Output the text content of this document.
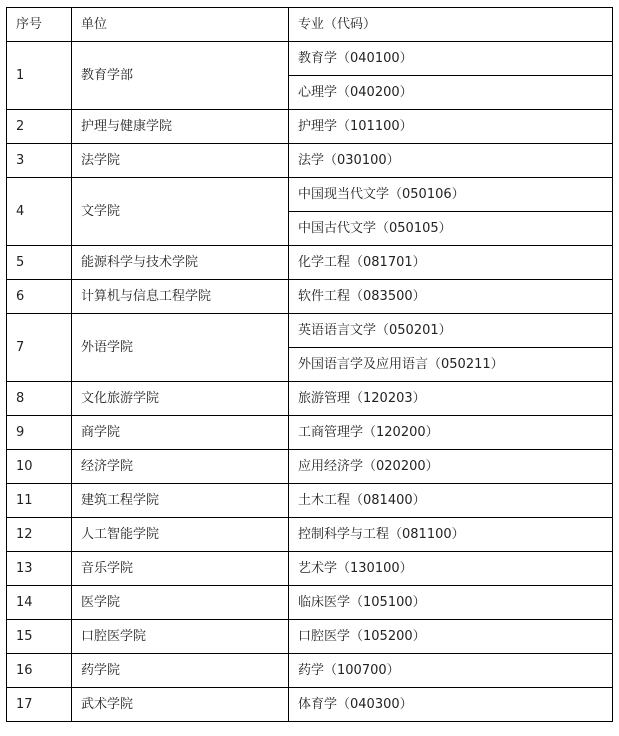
序号	单位	专业（代码）
1	教育学部	教育学（040100）
		心理学（040200）
2	护理与健康学院	护理学（101100）
3	法学院	法学（030100）
4	文学院	中国现当代文学（050106）
		中国古代文学（050105）
5	能源科学与技术学院	化学工程（081701）
6	计算机与信息工程学院	软件工程（083500）
7	外语学院	英语语言文学（050201）
		外国语言学及应用语言（050211）
8	文化旅游学院	旅游管理（120203）
9	商学院	工商管理学（120200）
10	经济学院	应用经济学（020200）
11	建筑工程学院	土木工程（081400）
12	人工智能学院	控制科学与工程（081100）
13	音乐学院	艺术学（130100）
14	医学院	临床医学（105100）
15	口腔医学院	口腔医学（105200）
16	药学院	药学（100700）
17	武术学院	体育学（040300）
